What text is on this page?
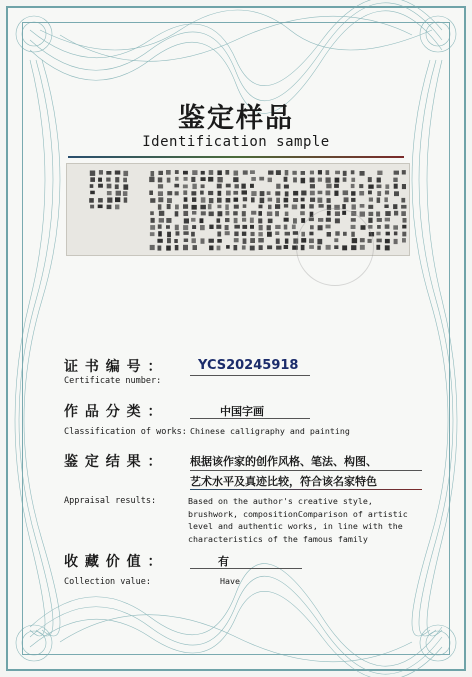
鉴定样品
Identification sample
证 书 编 号 ：
Certificate number:
YCS20245918
作 品 分 类 ：	中国字画
Classification of works: Chinese calligraphy and painting
鉴 定 结 果 ：	根据该作家的创作风格、笔法、构图、
艺术水平及真迹比较，符合该名家特色
Appraisal results:	Based on the author's creative style,
brushwork, compositionComparison of artistic
level and authentic works, in line with the
characteristics of the famous family
收 藏 价 值 ：	有
Collection value:	Have
